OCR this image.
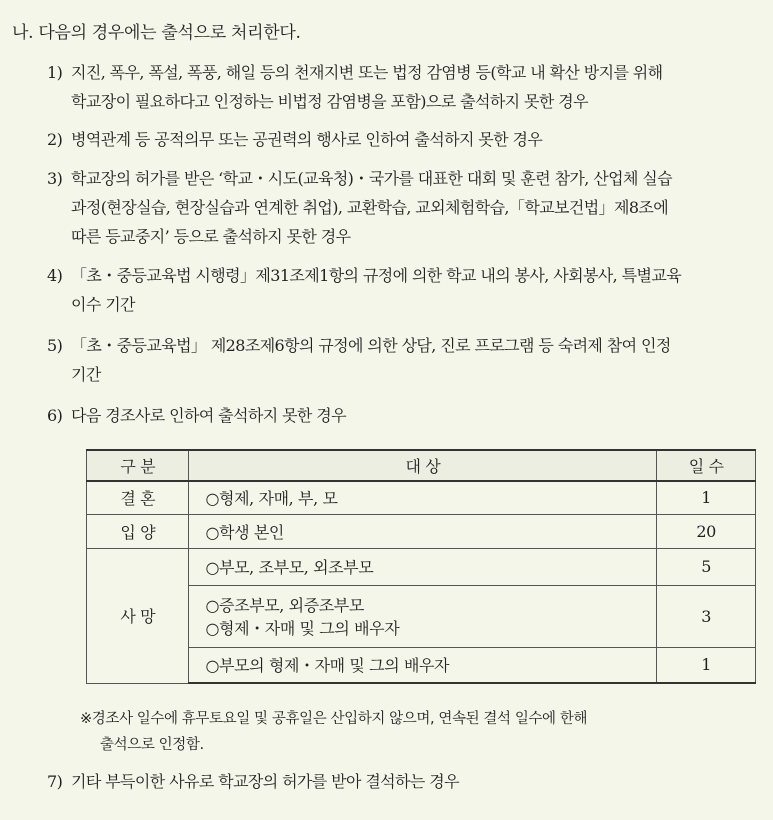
나. 다음의 경우에는 출석으로 처리한다.
1) 지진, 폭우, 폭설, 폭풍, 해일 등의 천재지변 또는 법정 감염병 등(학교 내 확산 방지를 위해
학교장이 필요하다고 인정하는 비법정 감염병을 포함)으로 출석하지 못한 경우
2) 병역관계 등 공적의무 또는 공권력의 행사로 인하여 출석하지 못한 경우
3) 학교장의 허가를 받은 ‘학교・시도(교육청)・국가를 대표한 대회 및 훈련 참가, 산업체 실습
과정(현장실습, 현장실습과 연계한 취업), 교환학습, 교외체험학습,「학교보건법」제8조에
따른 등교중지’ 등으로 출석하지 못한 경우
4) 「초・중등교육법 시행령」제31조제1항의 규정에 의한 학교 내의 봉사, 사회봉사, 특별교육
이수 기간
5) 「초・중등교육법」 제28조제6항의 규정에 의한 상담, 진로 프로그램 등 숙려제 참여 인정
기간
6) 다음 경조사로 인하여 출석하지 못한 경우
구 분	대 상	일 수
결 혼	○형제, 자매, 부, 모	1
입 양	○학생 본인	20
사 망	○부모, 조부모, 외조부모	5

	○증조부모, 외증조부모
○형제・자매 및 그의 배우자	3
	○부모의 형제・자매 및 그의 배우자	1
※경조사 일수에 휴무토요일 및 공휴일은 산입하지 않으며, 연속된 결석 일수에 한해
출석으로 인정함.
7) 기타 부득이한 사유로 학교장의 허가를 받아 결석하는 경우
